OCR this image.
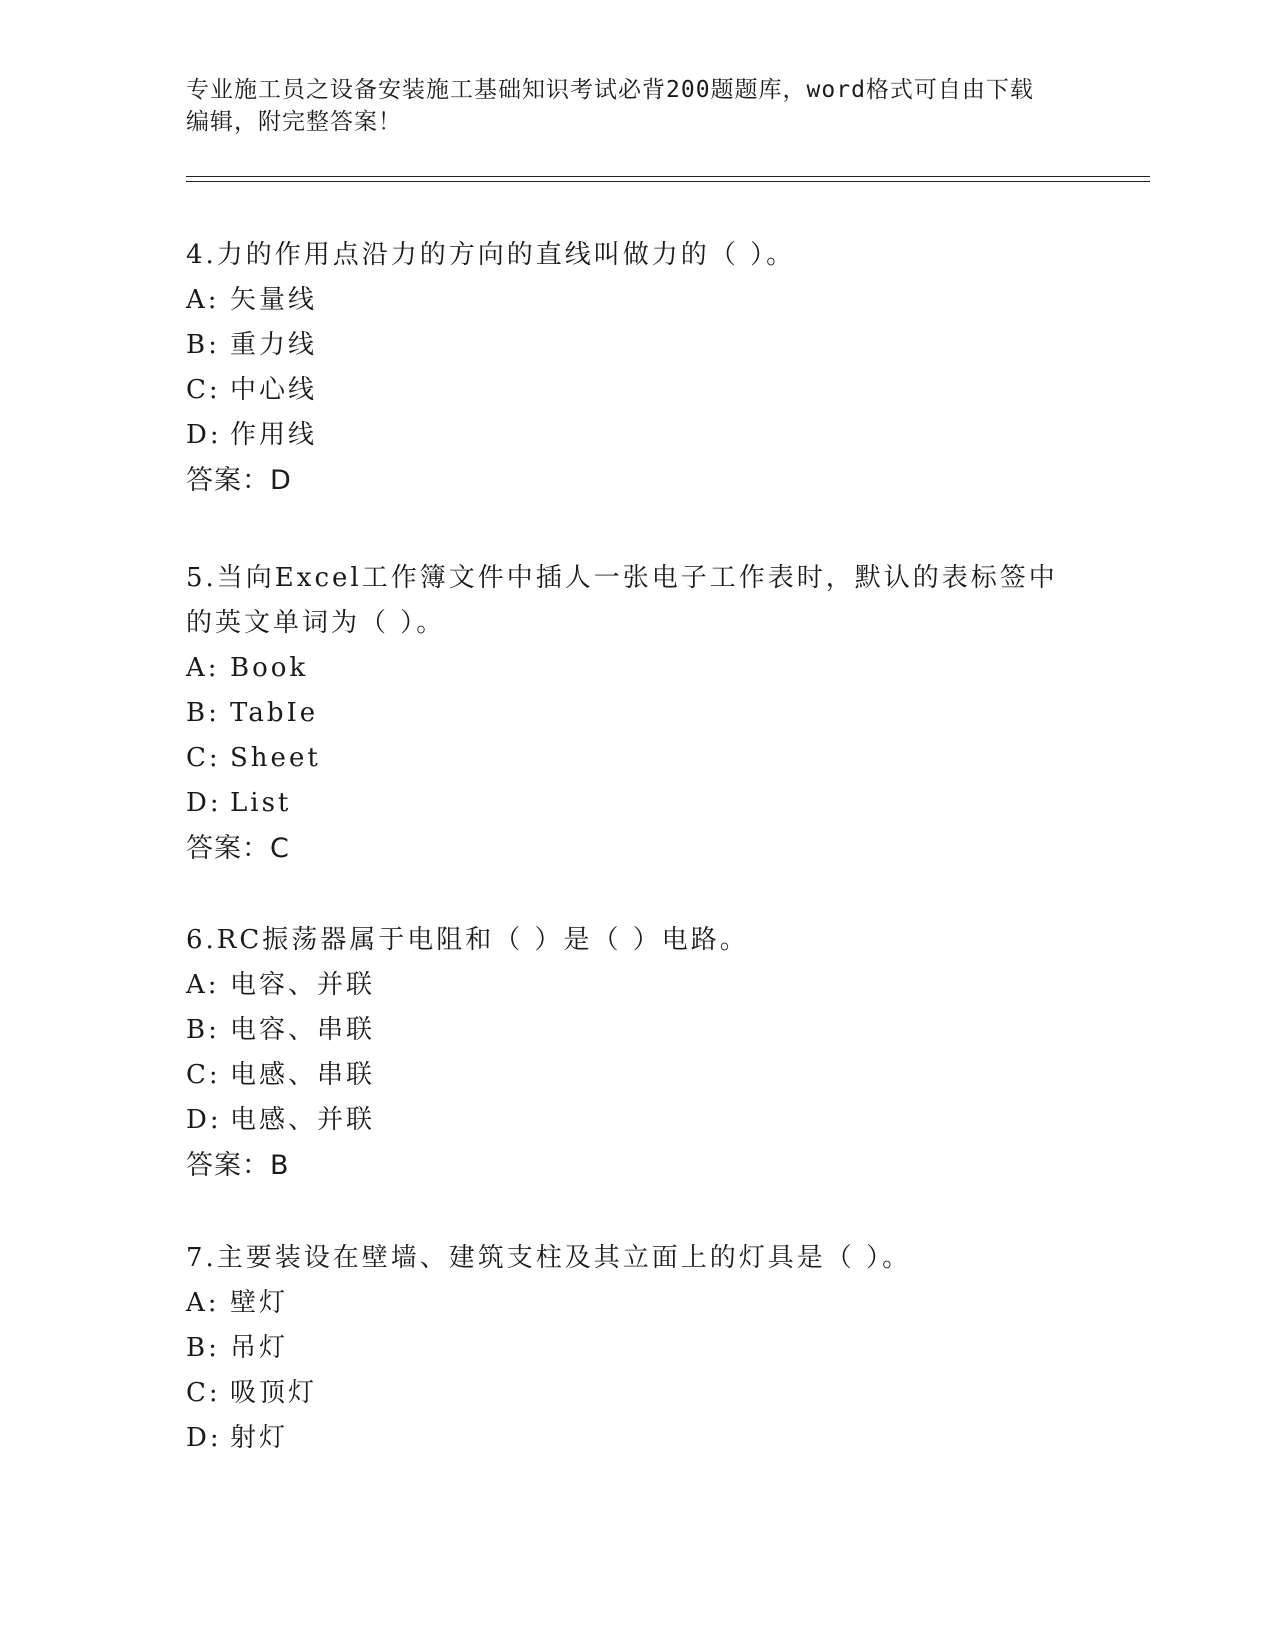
专业施工员之设备安装施工基础知识考试必背200题题库，word格式可自由下载
编辑，附完整答案！

4.力的作用点沿力的方向的直线叫做力的（ ）。

A: 矢量线

B: 重力线

C: 中心线

D: 作用线

答案：D

5.当向Excel工作簿文件中插人一张电子工作表时，默认的表标签中的英文单词为（ ）。

A: Book

B: TabIe

C: Sheet

D: List

答案：C

6.RC振荡器属于电阻和（ ）是（ ）电路。

A: 电容、并联

B: 电容、串联

C: 电感、串联

D: 电感、并联

答案：B

7.主要装设在壁墙、建筑支柱及其立面上的灯具是（ ）。

A: 壁灯

B: 吊灯

C: 吸顶灯

D: 射灯
